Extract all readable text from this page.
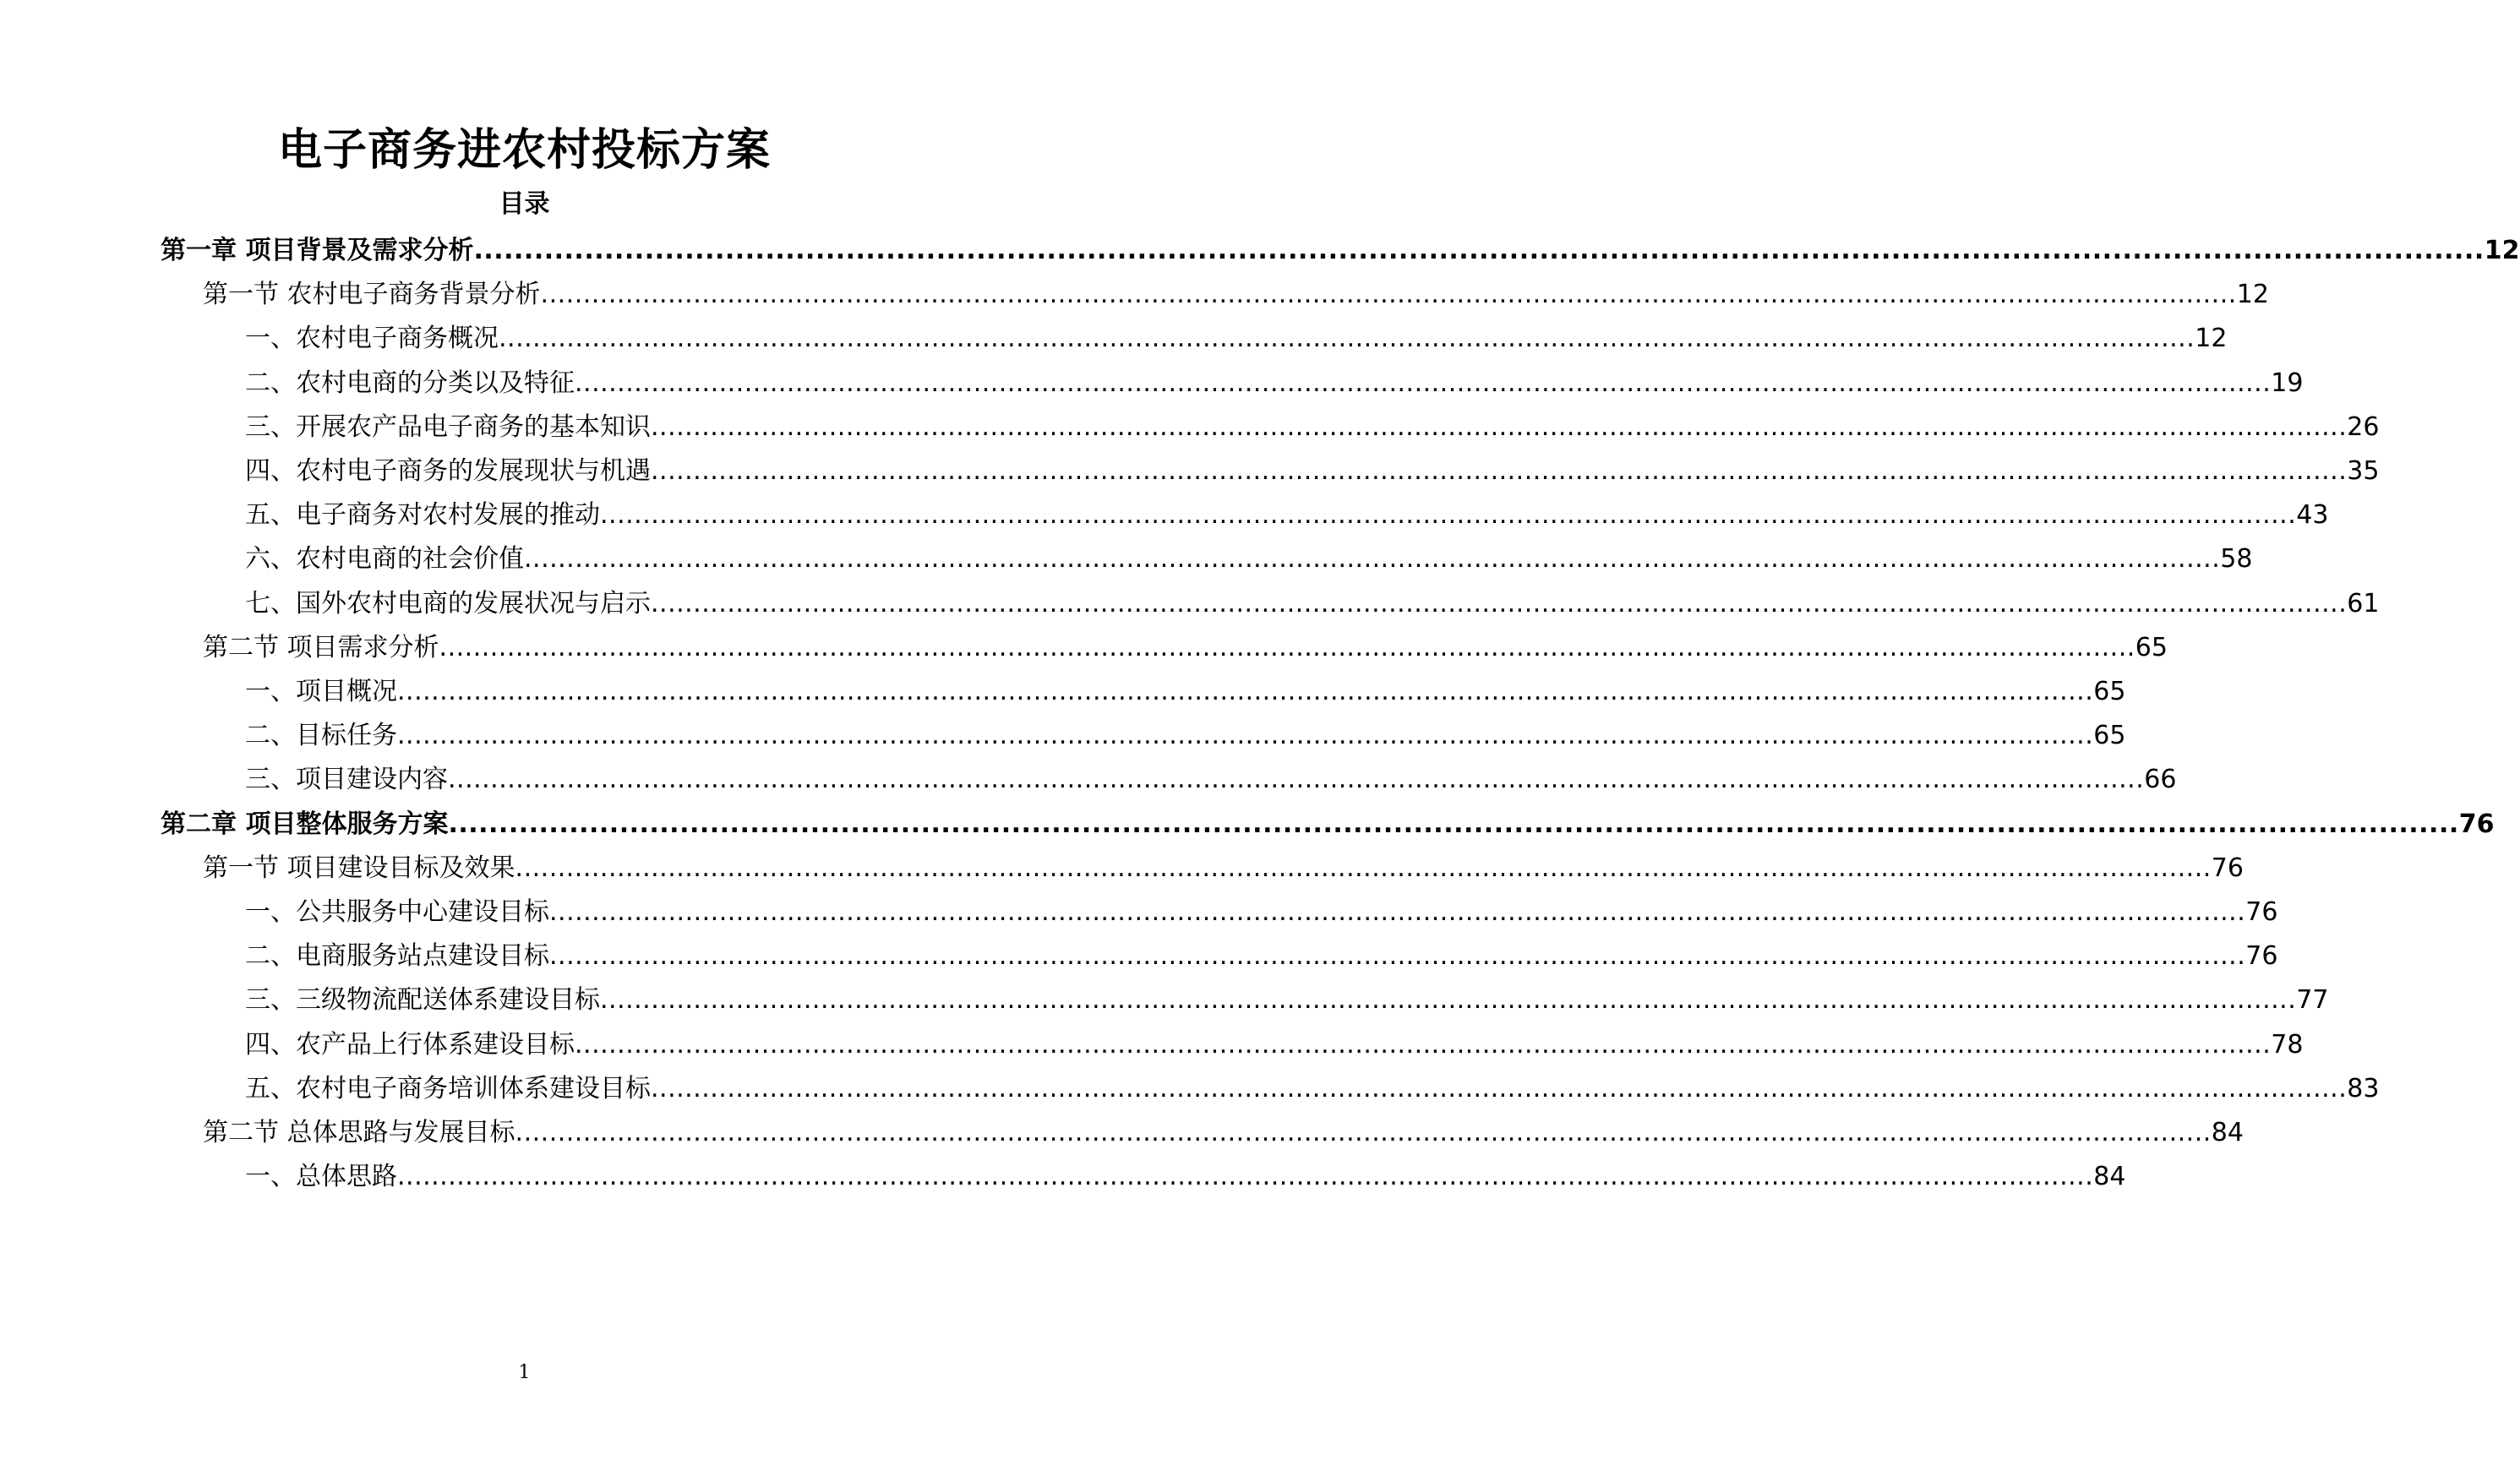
电子商务进农村投标方案
目录
第一章 项目背景及需求分析 ........................................................................................................................................................................................................ 12
第一节 农村电子商务背景分析 ........................................................................................................................................................................................................ 12
一、农村电子商务概况 ........................................................................................................................................................................................................ 12
二、农村电商的分类以及特征 ........................................................................................................................................................................................................ 19
三、开展农产品电子商务的基本知识 ........................................................................................................................................................................................................ 26
四、农村电子商务的发展现状与机遇 ........................................................................................................................................................................................................ 35
五、电子商务对农村发展的推动 ........................................................................................................................................................................................................ 43
六、农村电商的社会价值 ........................................................................................................................................................................................................ 58
七、国外农村电商的发展状况与启示 ........................................................................................................................................................................................................ 61
第二节 项目需求分析 ........................................................................................................................................................................................................ 65
一、项目概况 ........................................................................................................................................................................................................ 65
二、目标任务 ........................................................................................................................................................................................................ 65
三、项目建设内容 ........................................................................................................................................................................................................ 66
第二章 项目整体服务方案 ........................................................................................................................................................................................................ 76
第一节 项目建设目标及效果 ........................................................................................................................................................................................................ 76
一、公共服务中心建设目标 ........................................................................................................................................................................................................ 76
二、电商服务站点建设目标 ........................................................................................................................................................................................................ 76
三、三级物流配送体系建设目标 ........................................................................................................................................................................................................ 77
四、农产品上行体系建设目标 ........................................................................................................................................................................................................ 78
五、农村电子商务培训体系建设目标 ........................................................................................................................................................................................................ 83
第二节 总体思路与发展目标 ........................................................................................................................................................................................................ 84
一、总体思路 ........................................................................................................................................................................................................ 84
1
